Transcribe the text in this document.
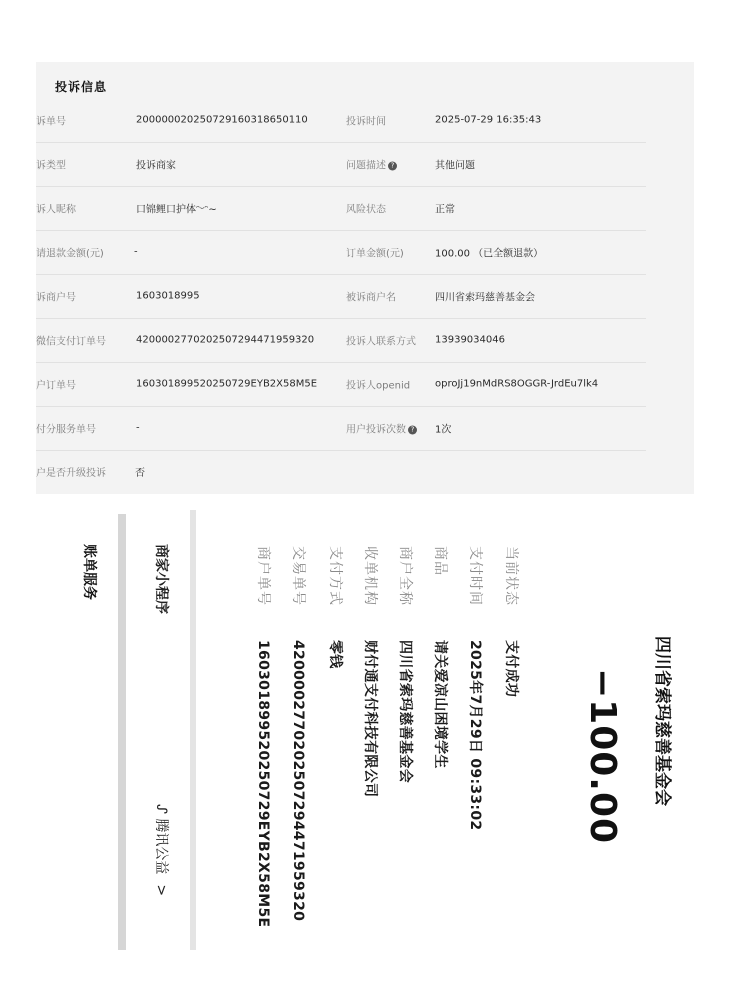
投诉信息
诉单号	200000020250729160318650110	投诉时间	2025-07-29 16:35:43
诉类型	投诉商家	问题描述 ?	其他问题
诉人昵称	口锦鲤口护体ᵔᵕᵔ~	风险状态	正常
请退款金额(元)	-	订单金额(元)	100.00 （已全额退款）
诉商户号	1603018995	被诉商户名	四川省索玛慈善基金会
微信支付订单号	4200002770202507294471959320	投诉人联系方式 13939034046
户订单号	16030189952025072​9EYB2X58M5E	投诉人openid oproJj19nMdRS8OGGR-JrdEu7lk4
付分服务单号	-	用户投诉次数 ? 1次
户是否升级投诉	否
四川省索玛慈善基金会
−100.00
当前状态
支付成功
支付时间
2025年7月29日 09:33:02
商品
请关爱凉山困境学生
商户全称
四川省索玛慈善基金会
收单机构
财付通支付科技有限公司
支付方式
零钱
交易单号
4200002770202507294471959320
商户单号
16030189952025072​9EYB2X58M5E
商家小程序
ᔑ 腾讯公益>
账单服务
